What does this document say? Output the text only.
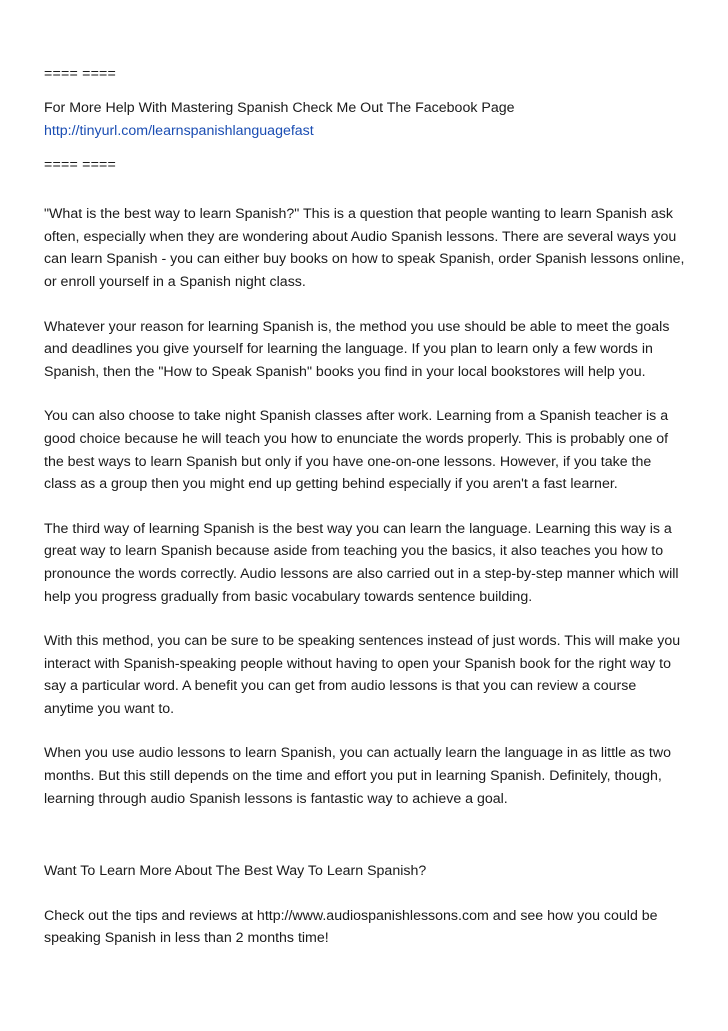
==== ====
For More Help With Mastering Spanish Check Me Out The Facebook Page
http://tinyurl.com/learnspanishlanguagefast
==== ====

"What is the best way to learn Spanish?" This is a question that people wanting to learn Spanish ask often, especially when they are wondering about Audio Spanish lessons. There are several ways you can learn Spanish - you can either buy books on how to speak Spanish, order Spanish lessons online, or enroll yourself in a Spanish night class.

Whatever your reason for learning Spanish is, the method you use should be able to meet the goals and deadlines you give yourself for learning the language. If you plan to learn only a few words in Spanish, then the "How to Speak Spanish" books you find in your local bookstores will help you.

You can also choose to take night Spanish classes after work. Learning from a Spanish teacher is a good choice because he will teach you how to enunciate the words properly. This is probably one of the best ways to learn Spanish but only if you have one-on-one lessons. However, if you take the class as a group then you might end up getting behind especially if you aren't a fast learner.

The third way of learning Spanish is the best way you can learn the language. Learning this way is a great way to learn Spanish because aside from teaching you the basics, it also teaches you how to pronounce the words correctly. Audio lessons are also carried out in a step-by-step manner which will help you progress gradually from basic vocabulary towards sentence building.

With this method, you can be sure to be speaking sentences instead of just words. This will make you interact with Spanish-speaking people without having to open your Spanish book for the right way to say a particular word. A benefit you can get from audio lessons is that you can review a course anytime you want to.

When you use audio lessons to learn Spanish, you can actually learn the language in as little as two months. But this still depends on the time and effort you put in learning Spanish. Definitely, though, learning through audio Spanish lessons is fantastic way to achieve a goal.

Want To Learn More About The Best Way To Learn Spanish?

Check out the tips and reviews at http://www.audiospanishlessons.com and see how you could be speaking Spanish in less than 2 months time!
